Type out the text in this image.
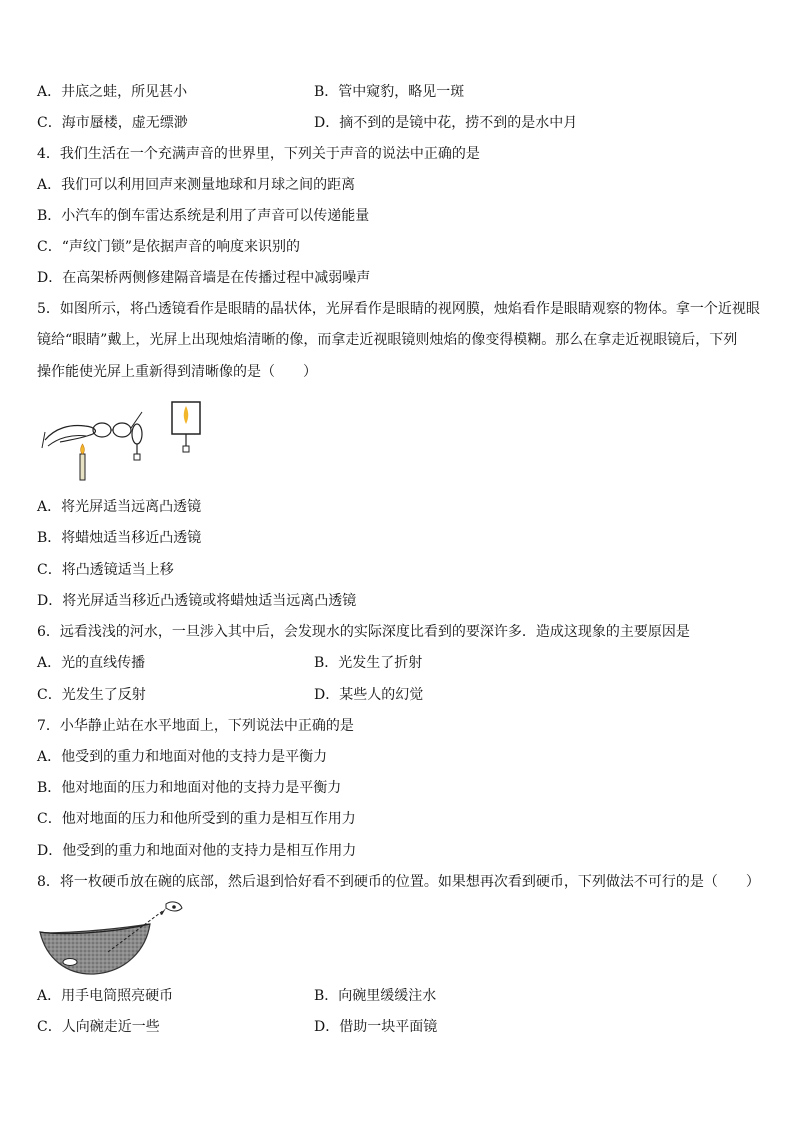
A．井底之蛙，所见甚小	B．管中窥豹，略见一斑
C．海市蜃楼，虚无缥渺	D．摘不到的是镜中花，捞不到的是水中月
4．我们生活在一个充满声音的世界里，下列关于声音的说法中正确的是
A．我们可以利用回声来测量地球和月球之间的距离
B．小汽车的倒车雷达系统是利用了声音可以传递能量
C．“声纹门锁”是依据声音的响度来识别的
D．在高架桥两侧修建隔音墙是在传播过程中减弱噪声
5．如图所示，将凸透镜看作是眼睛的晶状体，光屏看作是眼睛的视网膜，烛焰看作是眼睛观察的物体。拿一个近视眼
镜给“眼睛”戴上，光屏上出现烛焰清晰的像，而拿走近视眼镜则烛焰的像变得模糊。那么在拿走近视眼镜后，下列
操作能使光屏上重新得到清晰像的是（　　）
A．将光屏适当远离凸透镜
B．将蜡烛适当移近凸透镜
C．将凸透镜适当上移
D．将光屏适当移近凸透镜或将蜡烛适当远离凸透镜
6．远看浅浅的河水，一旦涉入其中后，会发现水的实际深度比看到的要深许多．造成这现象的主要原因是
A．光的直线传播	B．光发生了折射
C．光发生了反射	D．某些人的幻觉
7．小华静止站在水平地面上，下列说法中正确的是
A．他受到的重力和地面对他的支持力是平衡力
B．他对地面的压力和地面对他的支持力是平衡力
C．他对地面的压力和他所受到的重力是相互作用力
D．他受到的重力和地面对他的支持力是相互作用力
8．将一枚硬币放在碗的底部，然后退到恰好看不到硬币的位置。如果想再次看到硬币，下列做法不可行的是（　　）
A．用手电筒照亮硬币	B．向碗里缓缓注水
C．人向碗走近一些	D．借助一块平面镜
